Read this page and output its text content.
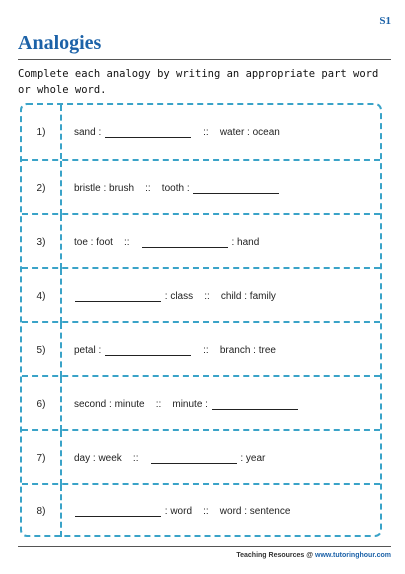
S1
Analogies
Complete each analogy by writing an appropriate part word or whole word.
1)	sand :	::    water : ocean
2)	bristle : brush    ::    tooth :
3)	toe : foot    ::	: hand
4)	: class    ::    child : family
5)	petal :	::    branch : tree
6)	second : minute    ::    minute :
7)	day : week    ::	: year
8)	: word    ::    word : sentence
Teaching Resources @ www.tutoringhour.com
